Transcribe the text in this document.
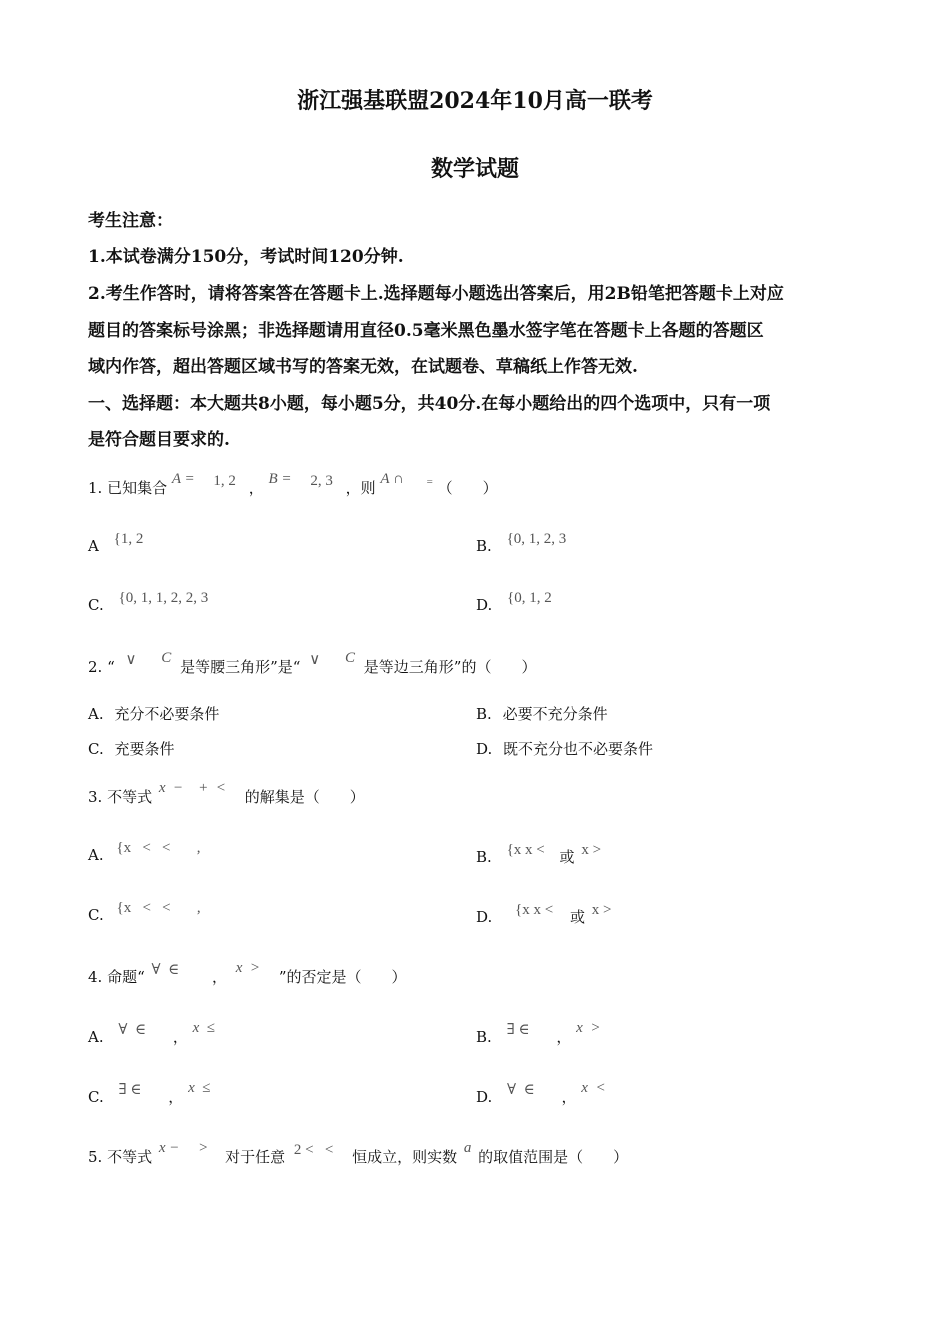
浙江强基联盟2024年10月高一联考
数学试题
考生注意：
1.本试卷满分150分，考试时间120分钟.
2.考生作答时，请将答案答在答题卡上.选择题每小题选出答案后，用2B铅笔把答题卡上对应
题目的答案标号涂黑；非选择题请用直径0.5毫米黑色墨水签字笔在答题卡上各题的答题区
域内作答，超出答题区域书写的答案无效，在试题卷、草稿纸上作答无效.
一、选择题：本大题共8小题，每小题5分，共40分.在每小题给出的四个选项中，只有一项
是符合题目要求的.
1. 已知集合 A = 1, 2 ， B = 2, 3 ，则 A ∩ = （　　）
A {1, 2	B. {0, 1, 2, 3
C. {0, 1, 1, 2, 2, 3	D. {0, 1, 2
2. “ ∨ C 是等腰三角形”是“ ∨ C 是等边三角形”的（　　）
A. 充分不必要条件	B. 必要不充分条件
C. 充要条件	D. 既不充分也不必要条件
3. 不等式 x  −    +  < 的解集是（　　）
A. {x   <   <       ,	B. {x x < 或 x >
C. {x   <   <       ,	D. {x x < 或 x >
4. 命题“ ∀  ∈ ， x  > ”的否定是（　　）
A. ∀  ∈ ， x  ≤	B. ∃ ∈ ， x  >
C. ∃ ∈ ， x  ≤	D. ∀  ∈ ， x  <
5. 不等式 x −     > 对于任意 2 <   < 恒成立，则实数 a 的取值范围是（　　）
